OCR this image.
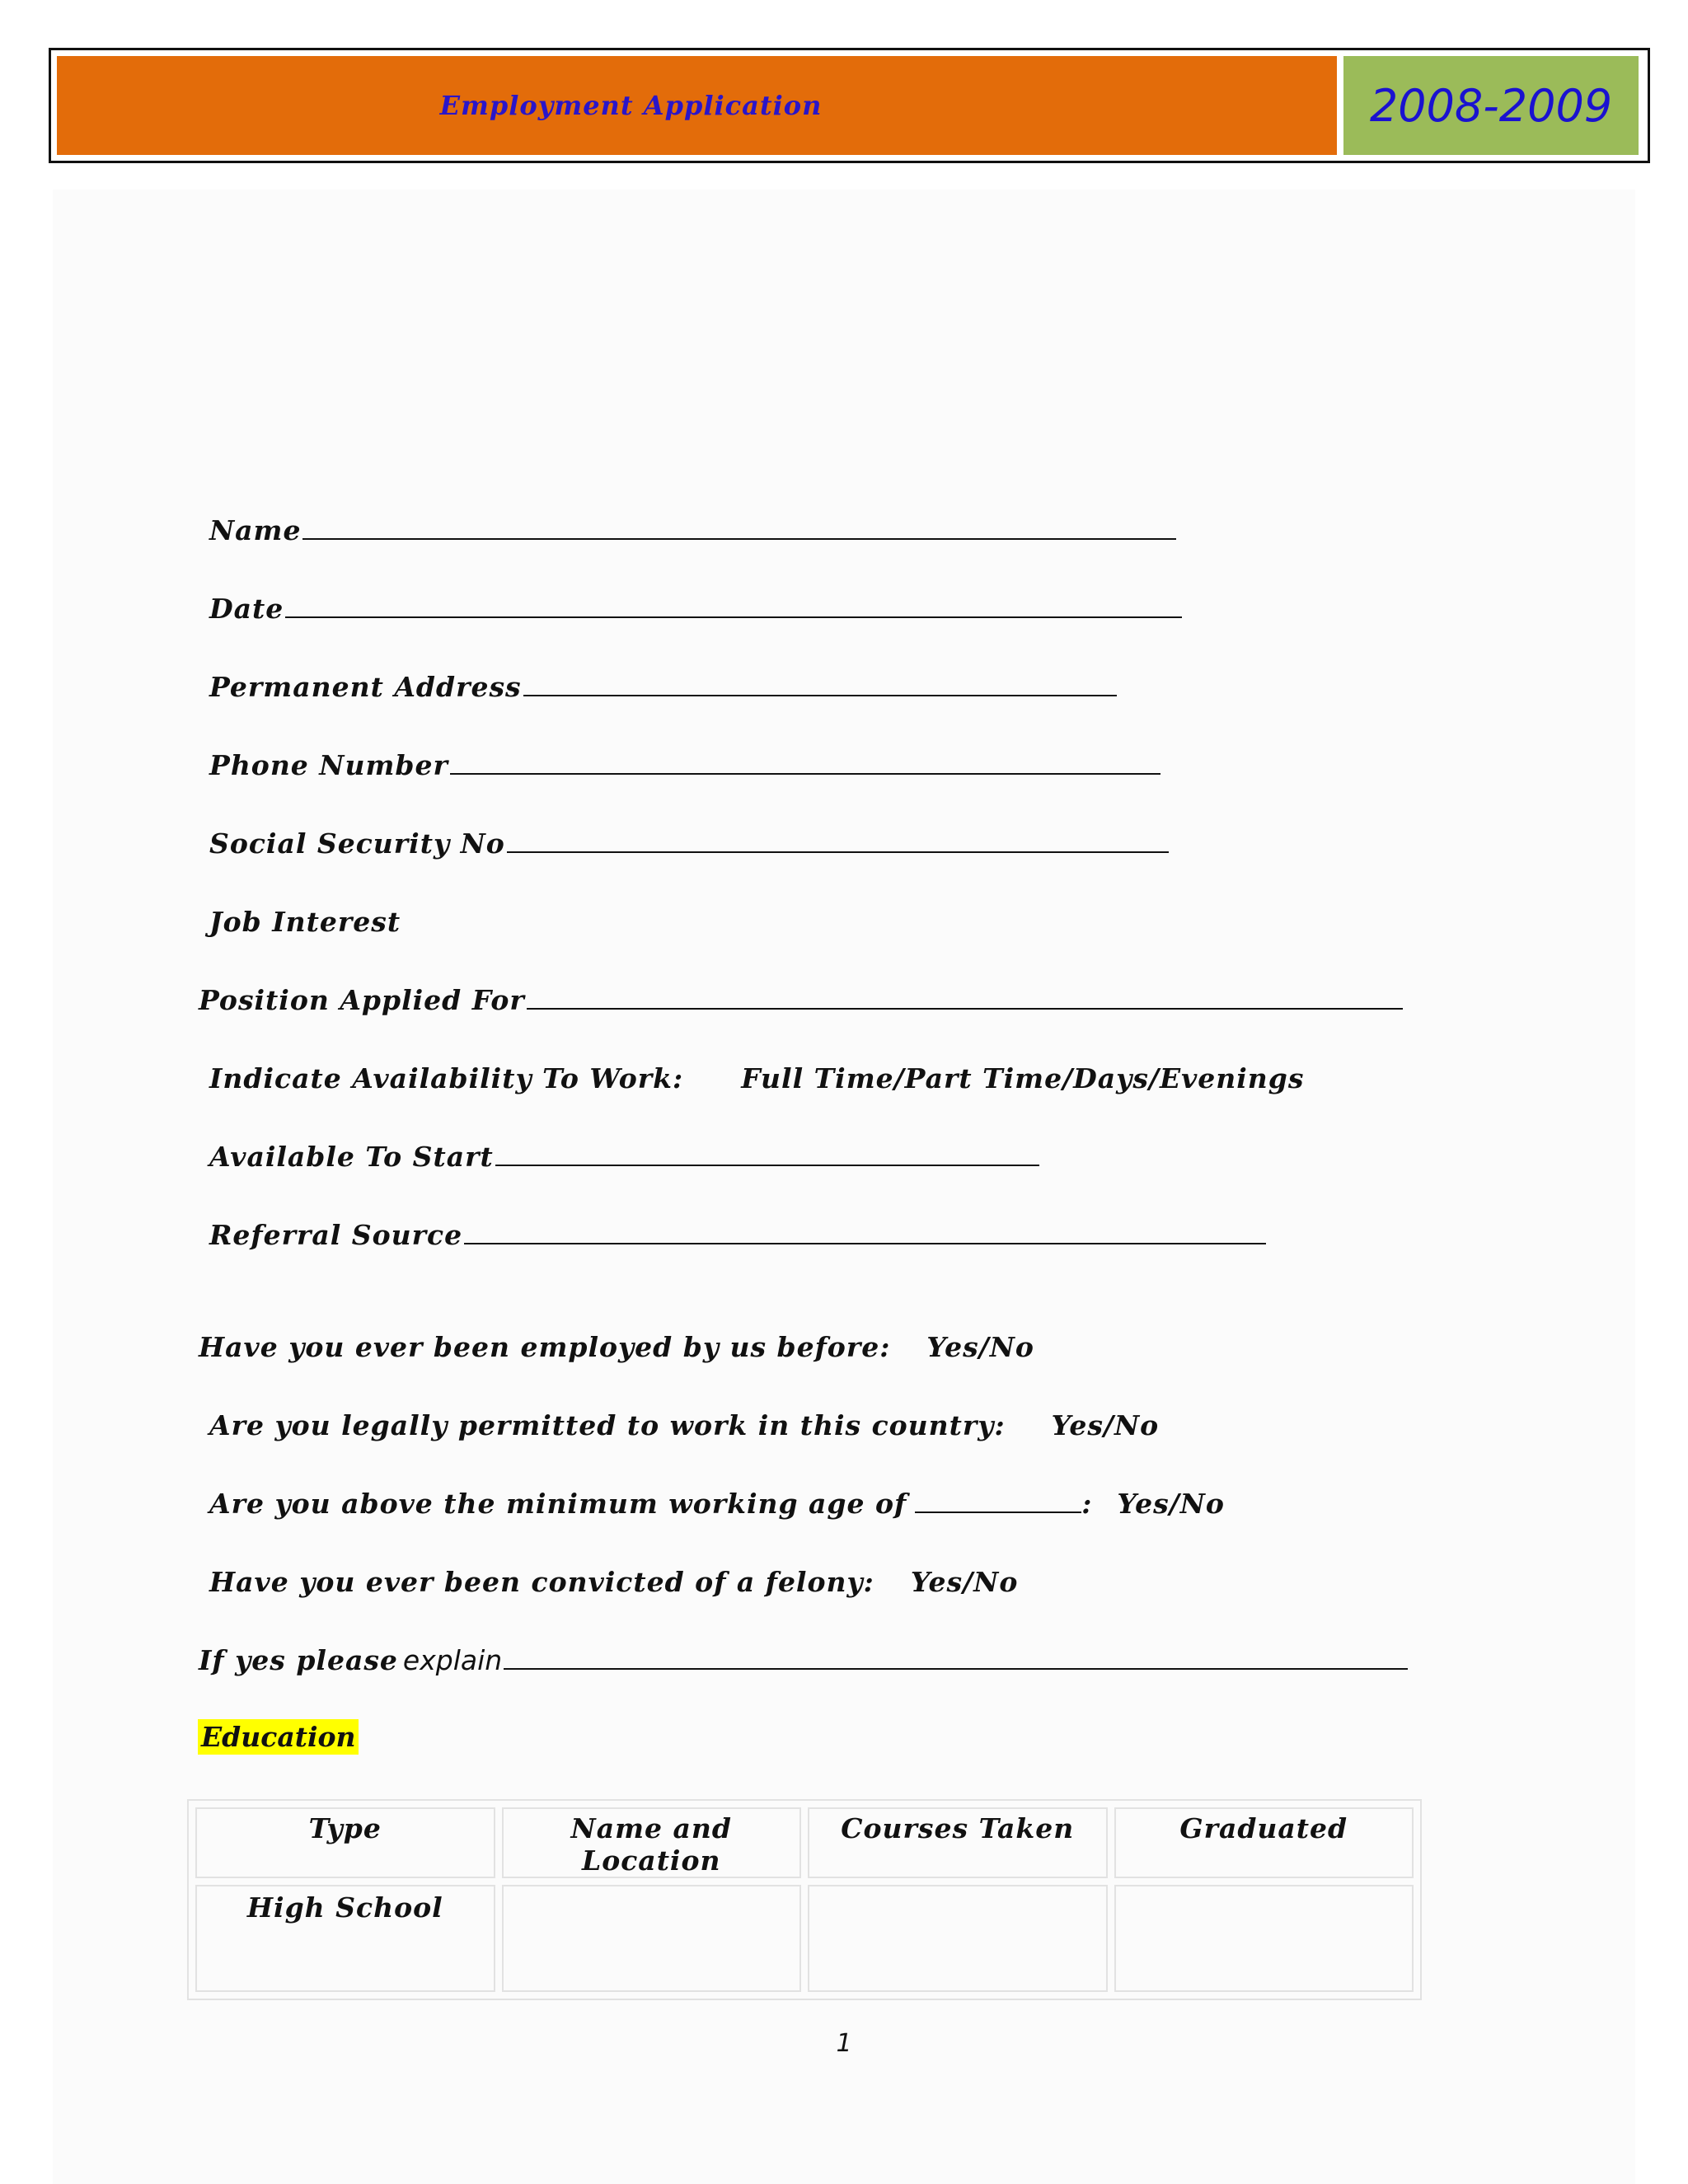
Employment Application	2008-2009
Name
Date
Permanent Address
Phone Number
Social Security No
Job Interest
Position Applied For
Indicate Availability To Work: Full Time/Part Time/Days/Evenings
Available To Start
Referral Source
Have you ever been employed by us before: Yes/No
Are you legally permitted to work in this country: Yes/No
Are you above the minimum working age of	: Yes/No
Have you ever been convicted of a felony: Yes/No
If yes please explain
Education
Type	Name and Location	Courses Taken	Graduated
High School			
1
